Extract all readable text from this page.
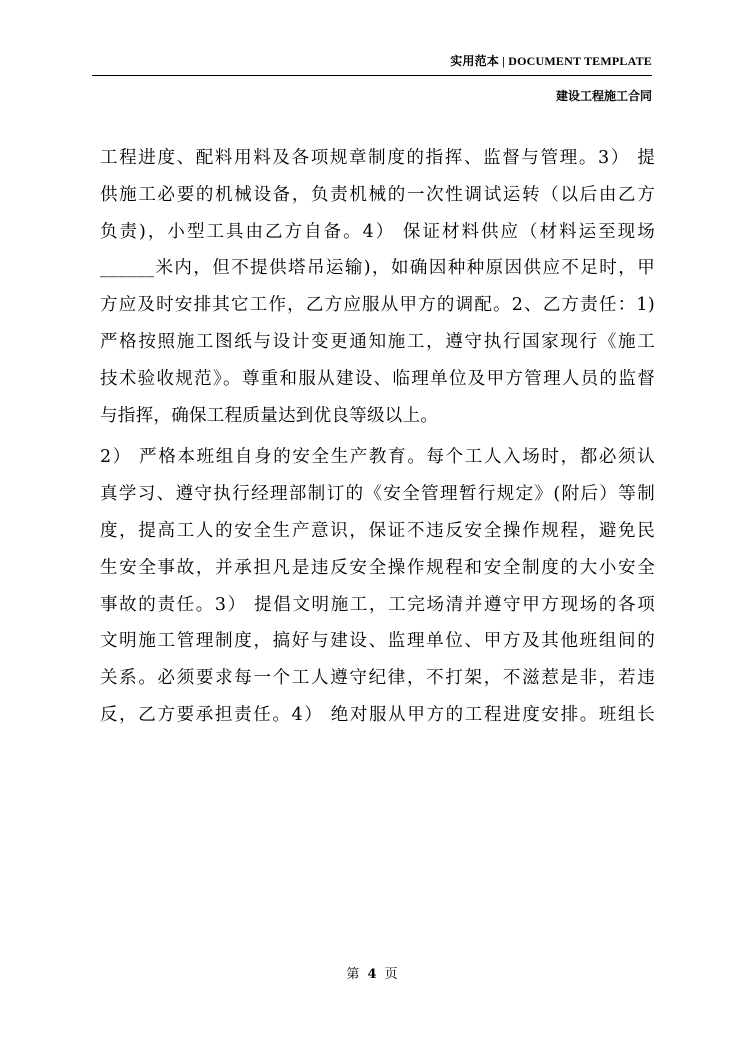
实用范本 | DOCUMENT TEMPLATE
建设工程施工合同
工程进度、配料用料及各项规章制度的指挥、监督与管理。3） 提
供施工必要的机械设备，负责机械的一次性调试运转（以后由乙方
负责)，小型工具由乙方自备。4） 保证材料供应（材料运至现场
______米内，但不提供塔吊运输)，如确因种种原因供应不足时，甲
方应及时安排其它工作，乙方应服从甲方的调配。2、乙方责任：1)
严格按照施工图纸与设计变更通知施工，遵守执行国家现行《施工
技术验收规范》。尊重和服从建设、临理单位及甲方管理人员的监督
与指挥，确保工程质量达到优良等级以上。
2） 严格本班组自身的安全生产教育。每个工人入场时，都必须认
真学习、遵守执行经理部制订的《安全管理暂行规定》(附后）等制
度，提高工人的安全生产意识，保证不违反安全操作规程，避免民
生安全事故，并承担凡是违反安全操作规程和安全制度的大小安全
事故的责任。3） 提倡文明施工，工完场清并遵守甲方现场的各项
文明施工管理制度，搞好与建设、监理单位、甲方及其他班组间的
关系。必须要求每一个工人遵守纪律，不打架，不滋惹是非，若违
反，乙方要承担责任。4） 绝对服从甲方的工程进度安排。班组长
第 4 页
